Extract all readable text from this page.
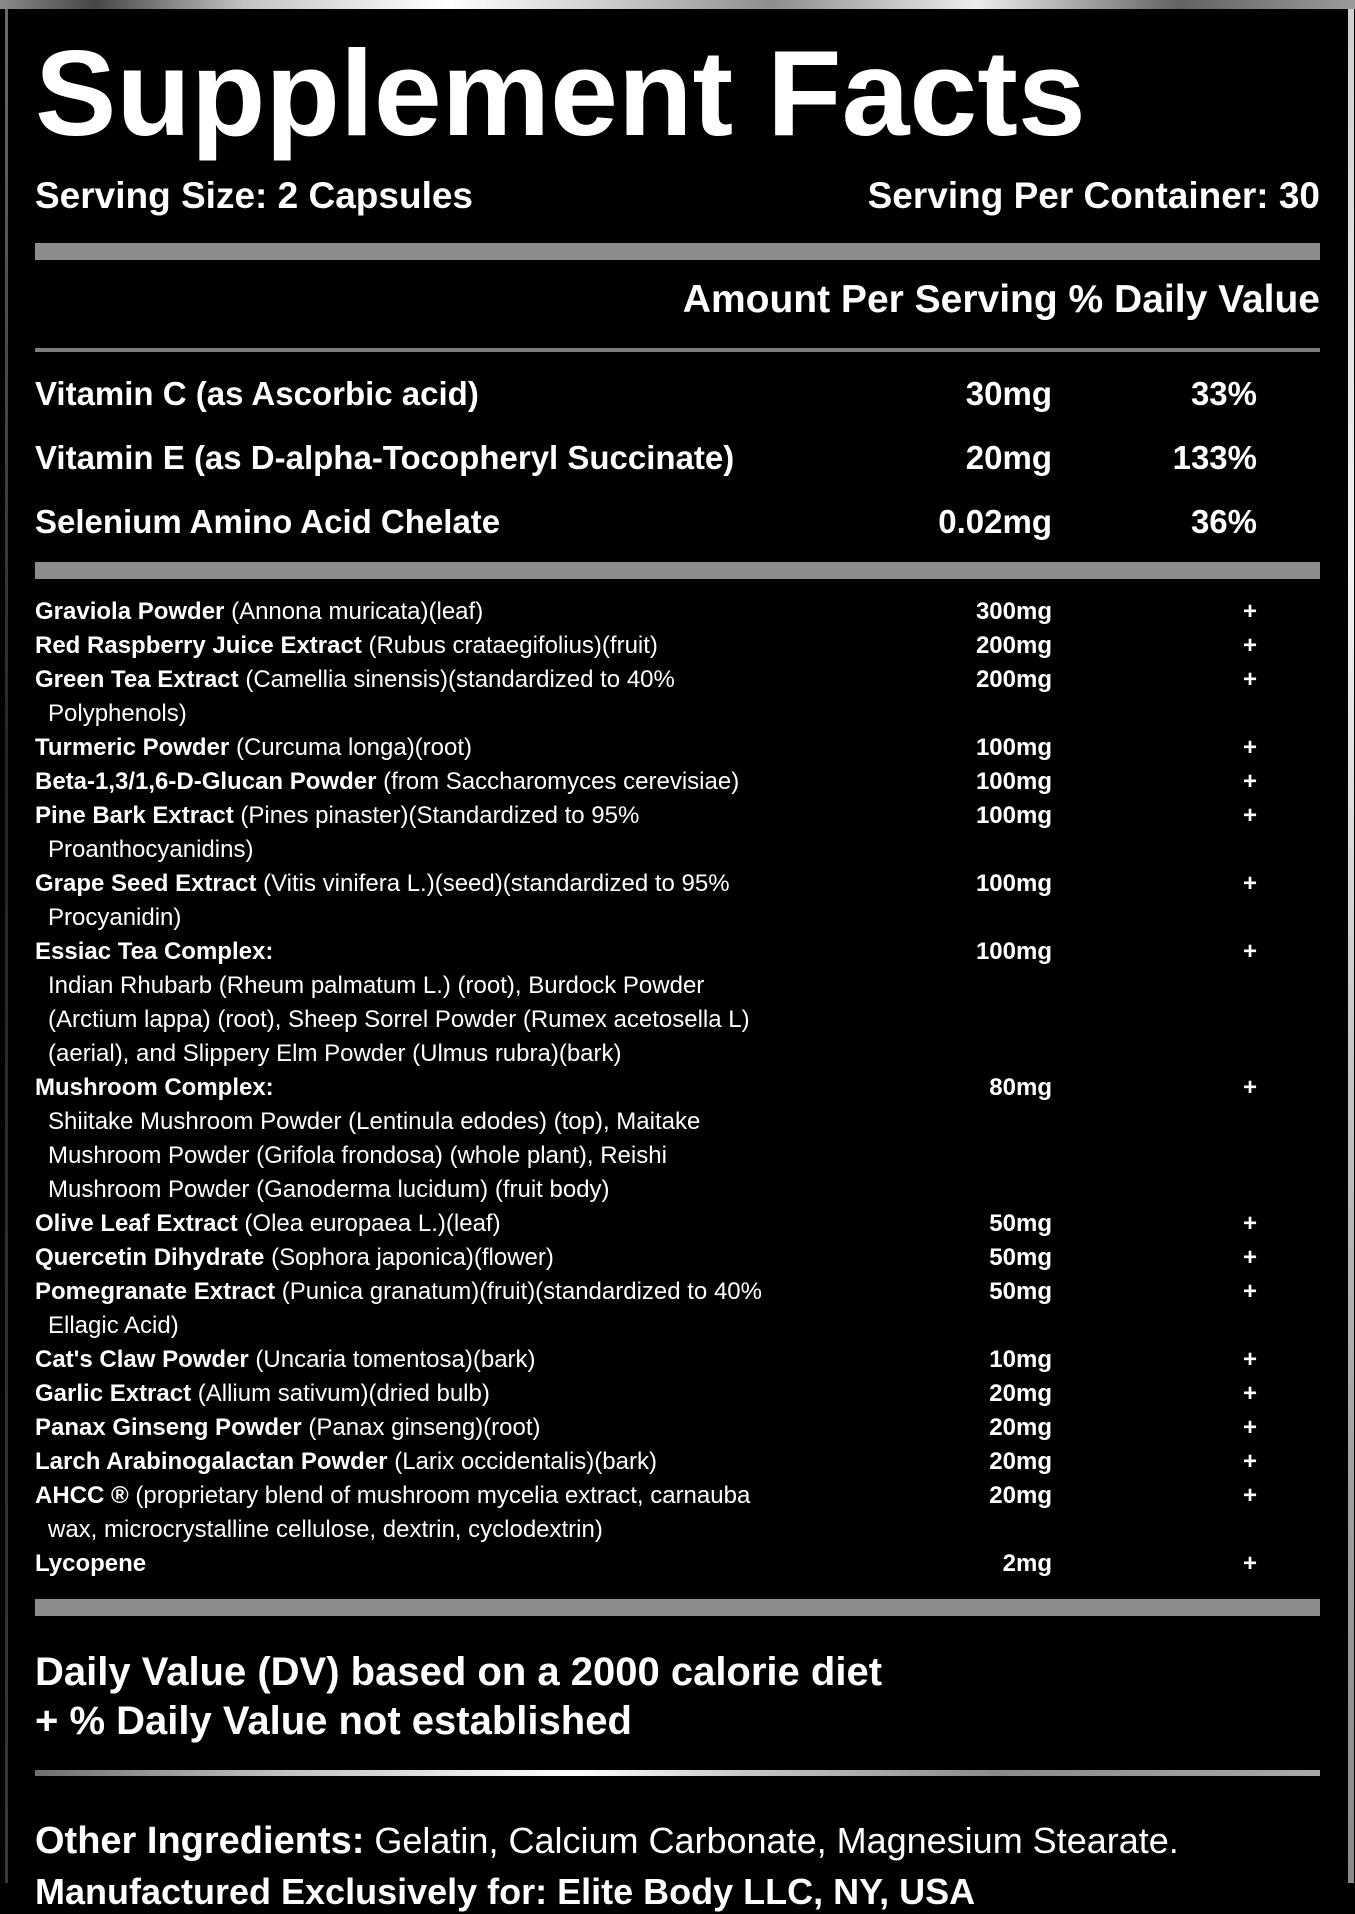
Supplement Facts
Serving Size: 2 Capsules	Serving Per Container: 30
Amount Per Serving % Daily Value
Vitamin C (as Ascorbic acid)	30mg	33%
Vitamin E (as D-alpha-Tocopheryl Succinate)	20mg	133%
Selenium Amino Acid Chelate	0.02mg	36%
Graviola Powder (Annona muricata)(leaf)	300mg	+
Red Raspberry Juice Extract (Rubus crataegifolius)(fruit)	200mg	+
Green Tea Extract (Camellia sinensis)(standardized to 40%
Polyphenols)
200mg	+
Turmeric Powder (Curcuma longa)(root)	100mg	+
Beta-1,3/1,6-D-Glucan Powder (from Saccharomyces cerevisiae)	100mg	+
Pine Bark Extract (Pines pinaster)(Standardized to 95%
Proanthocyanidins)
100mg	+
Grape Seed Extract (Vitis vinifera L.)(seed)(standardized to 95%
Procyanidin)
100mg	+
Essiac Tea Complex:
Indian Rhubarb (Rheum palmatum L.) (root), Burdock Powder
(Arctium lappa) (root), Sheep Sorrel Powder (Rumex acetosella L)
(aerial), and Slippery Elm Powder (Ulmus rubra)(bark)
100mg	+
Mushroom Complex:
Shiitake Mushroom Powder (Lentinula edodes) (top), Maitake
Mushroom Powder (Grifola frondosa) (whole plant), Reishi
Mushroom Powder (Ganoderma lucidum) (fruit body)
80mg	+
Olive Leaf Extract (Olea europaea L.)(leaf)	50mg	+
Quercetin Dihydrate (Sophora japonica)(flower)	50mg	+
Pomegranate Extract (Punica granatum)(fruit)(standardized to 40%
Ellagic Acid)
50mg	+
Cat's Claw Powder (Uncaria tomentosa)(bark)	10mg	+
Garlic Extract (Allium sativum)(dried bulb)	20mg	+
Panax Ginseng Powder (Panax ginseng)(root)	20mg	+
Larch Arabinogalactan Powder (Larix occidentalis)(bark)	20mg	+
AHCC ® (proprietary blend of mushroom mycelia extract, carnauba
wax, microcrystalline cellulose, dextrin, cyclodextrin)
20mg	+
Lycopene	2mg	+
Daily Value (DV) based on a 2000 calorie diet
+ % Daily Value not established
Other Ingredients: Gelatin, Calcium Carbonate, Magnesium Stearate.
Manufactured Exclusively for: Elite Body LLC, NY, USA
